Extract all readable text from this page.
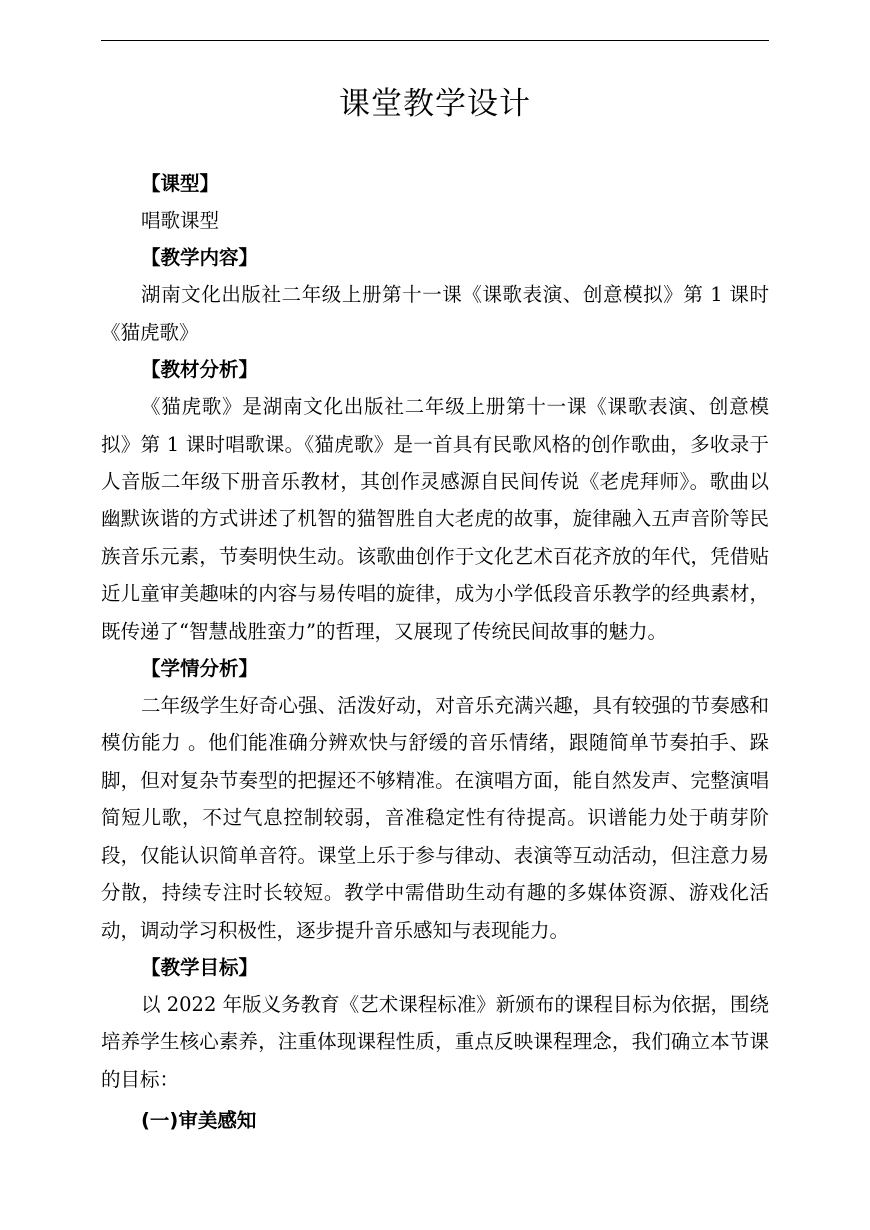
课堂教学设计

【课型】

唱歌课型

【教学内容】

湖南文化出版社二年级上册第十一课《课歌表演、创意模拟》第 1 课时《猫虎歌》

【教材分析】

《猫虎歌》是湖南文化出版社二年级上册第十一课《课歌表演、创意模拟》第 1 课时唱歌课。《猫虎歌》是一首具有民歌风格的创作歌曲，多收录于人音版二年级下册音乐教材，其创作灵感源自民间传说《老虎拜师》。歌曲以幽默诙谐的方式讲述了机智的猫智胜自大老虎的故事，旋律融入五声音阶等民族音乐元素，节奏明快生动。该歌曲创作于文化艺术百花齐放的年代，凭借贴近儿童审美趣味的内容与易传唱的旋律，成为小学低段音乐教学的经典素材，既传递了“智慧战胜蛮力”的哲理，又展现了传统民间故事的魅力。

【学情分析】

二年级学生好奇心强、活泼好动，对音乐充满兴趣，具有较强的节奏感和模仿能力 。他们能准确分辨欢快与舒缓的音乐情绪，跟随简单节奏拍手、跺脚，但对复杂节奏型的把握还不够精准。在演唱方面，能自然发声、完整演唱简短儿歌，不过气息控制较弱，音准稳定性有待提高。识谱能力处于萌芽阶段，仅能认识简单音符。课堂上乐于参与律动、表演等互动活动，但注意力易分散，持续专注时长较短。教学中需借助生动有趣的多媒体资源、游戏化活动，调动学习积极性，逐步提升音乐感知与表现能力。

【教学目标】

以 2022 年版义务教育《艺术课程标准》新颁布的课程目标为依据，围绕培养学生核心素养，注重体现课程性质，重点反映课程理念，我们确立本节课的目标：

(一)审美感知
